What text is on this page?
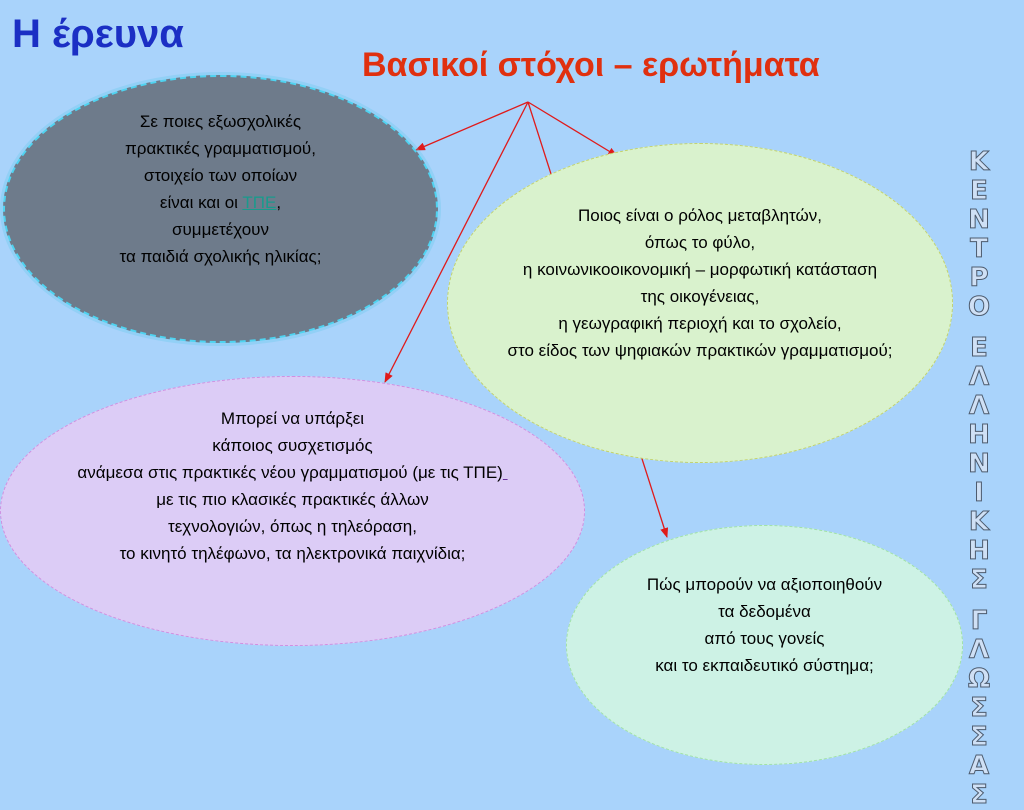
Η έρευνα
Βασικοί στόχοι – ερωτήματα
Σε ποιες εξωσχολικές
πρακτικές γραμματισμού,
στοιχείο των οποίων
είναι και οι ΤΠΕ,
συμμετέχουν
τα παιδιά σχολικής ηλικίας;
Ποιος είναι ο ρόλος μεταβλητών,
όπως το φύλο,
η κοινωνικοοικονομική – μορφωτική κατάσταση
της οικογένειας,
η γεωγραφική περιοχή και το σχολείο,
στο είδος των ψηφιακών πρακτικών γραμματισμού;
Μπορεί να υπάρξει
κάποιος συσχετισμός
ανάμεσα στις πρακτικές νέου γραμματισμού (με τις ΤΠΕ)
με τις πιο κλασικές πρακτικές άλλων
τεχνολογιών, όπως η τηλεόραση,
το κινητό τηλέφωνο, τα ηλεκτρονικά παιχνίδια;
Πώς μπορούν να αξιοποιηθούν
τα δεδομένα
από τους γονείς
και το εκπαιδευτικό σύστημα;
Κ
Ε
Ν
Τ
Ρ
Ο
Ε
Λ
Λ
Η
Ν
Ι
Κ
Η
Σ
Γ
Λ
Ω
Σ
Σ
Α
Σ
